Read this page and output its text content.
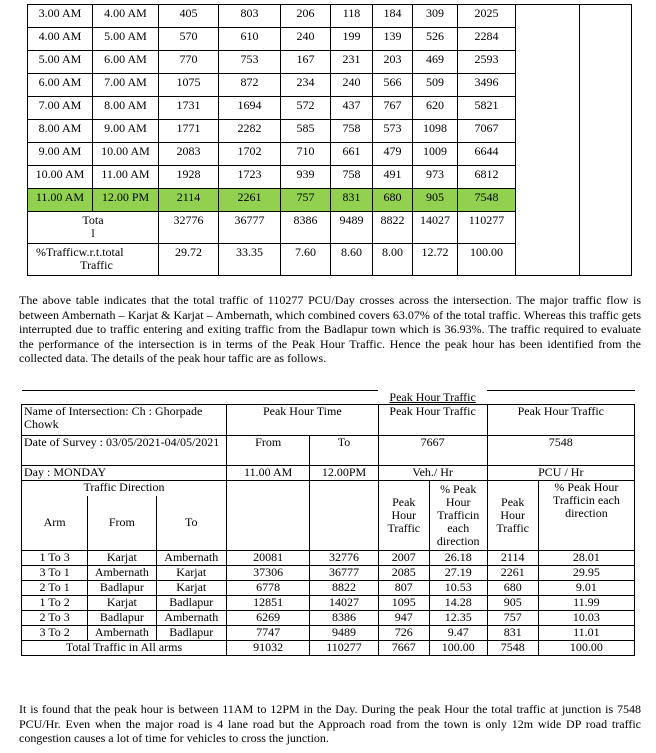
3.00 AM	4.00 AM	405	803	206	118	184	309	2025		
4.00 AM	5.00 AM	570	610	240	199	139	526	2284		
5.00 AM	6.00 AM	770	753	167	231	203	469	2593		
6.00 AM	7.00 AM	1075	872	234	240	566	509	3496		
7.00 AM	8.00 AM	1731	1694	572	437	767	620	5821		
8.00 AM	9.00 AM	1771	2282	585	758	573	1098	7067		
9.00 AM	10.00 AM	2083	1702	710	661	479	1009	6644		
10.00 AM	11.00 AM	1928	1723	939	758	491	973	6812		
11.00 AM	12.00 PM	2114	2261	757	831	680	905	7548		

Tota
l		32776	36777	8386	9489	8822	14027	110277		

%Trafficw.r.t.total
Traffic		29.72	33.35	7.60	8.60	8.00	12.72	100.00		

The above table indicates that the total traffic of 110277 PCU/Day crosses across the intersection. The major traffic flow is between Ambernath – Karjat & Karjat – Ambernath, which combined covers 63.07% of the total traffic. Whereas this traffic gets interrupted due to traffic entering and exiting traffic from the Badlapur town which is 36.93%. The traffic required to evaluate the performance of the intersection is in terms of the Peak Hour Traffic. Hence the peak hour has been identified from the collected data. The details of the peak hour taffic are as follows.

					Peak Hour Traffic			
Name of Intersection: Ch : Ghorpade Chowk			Peak Hour Time		Peak Hour Traffic		Peak Hour Traffic	
Date of Survey : 03/05/2021-04/05/2021			From	To	7667		7548	
Day : MONDAY			11.00 AM	12.00PM	Veh./ Hr		PCU / Hr	
Traffic Direction					Peak Hour Traffic	% Peak Hour Trafficin each direction	Peak Hour Traffic	% Peak Hour Trafficin each direction
Arm	From	To						

1 To 3	Karjat	Ambernath	20081	32776	2007	26.18	2114	28.01
3 To 1	Ambernath	Karjat	37306	36777	2085	27.19	2261	29.95
2 To 1	Badlapur	Karjat	6778	8822	807	10.53	680	9.01
1 To 2	Karjat	Badlapur	12851	14027	1095	14.28	905	11.99
2 To 3	Badlapur	Ambernath	6269	8386	947	12.35	757	10.03
3 To 2	Ambernath	Badlapur	7747	9489	726	9.47	831	11.01
Total Traffic in All arms			91032	110277	7667	100.00	7548	100.00

It is found that the peak hour is between 11AM to 12PM in the Day. During the peak Hour the total traffic at junction is 7548 PCU/Hr. Even when the major road is 4 lane road but the Approach road from the town is only 12m wide DP road traffic congestion causes a lot of time for vehicles to cross the junction.
